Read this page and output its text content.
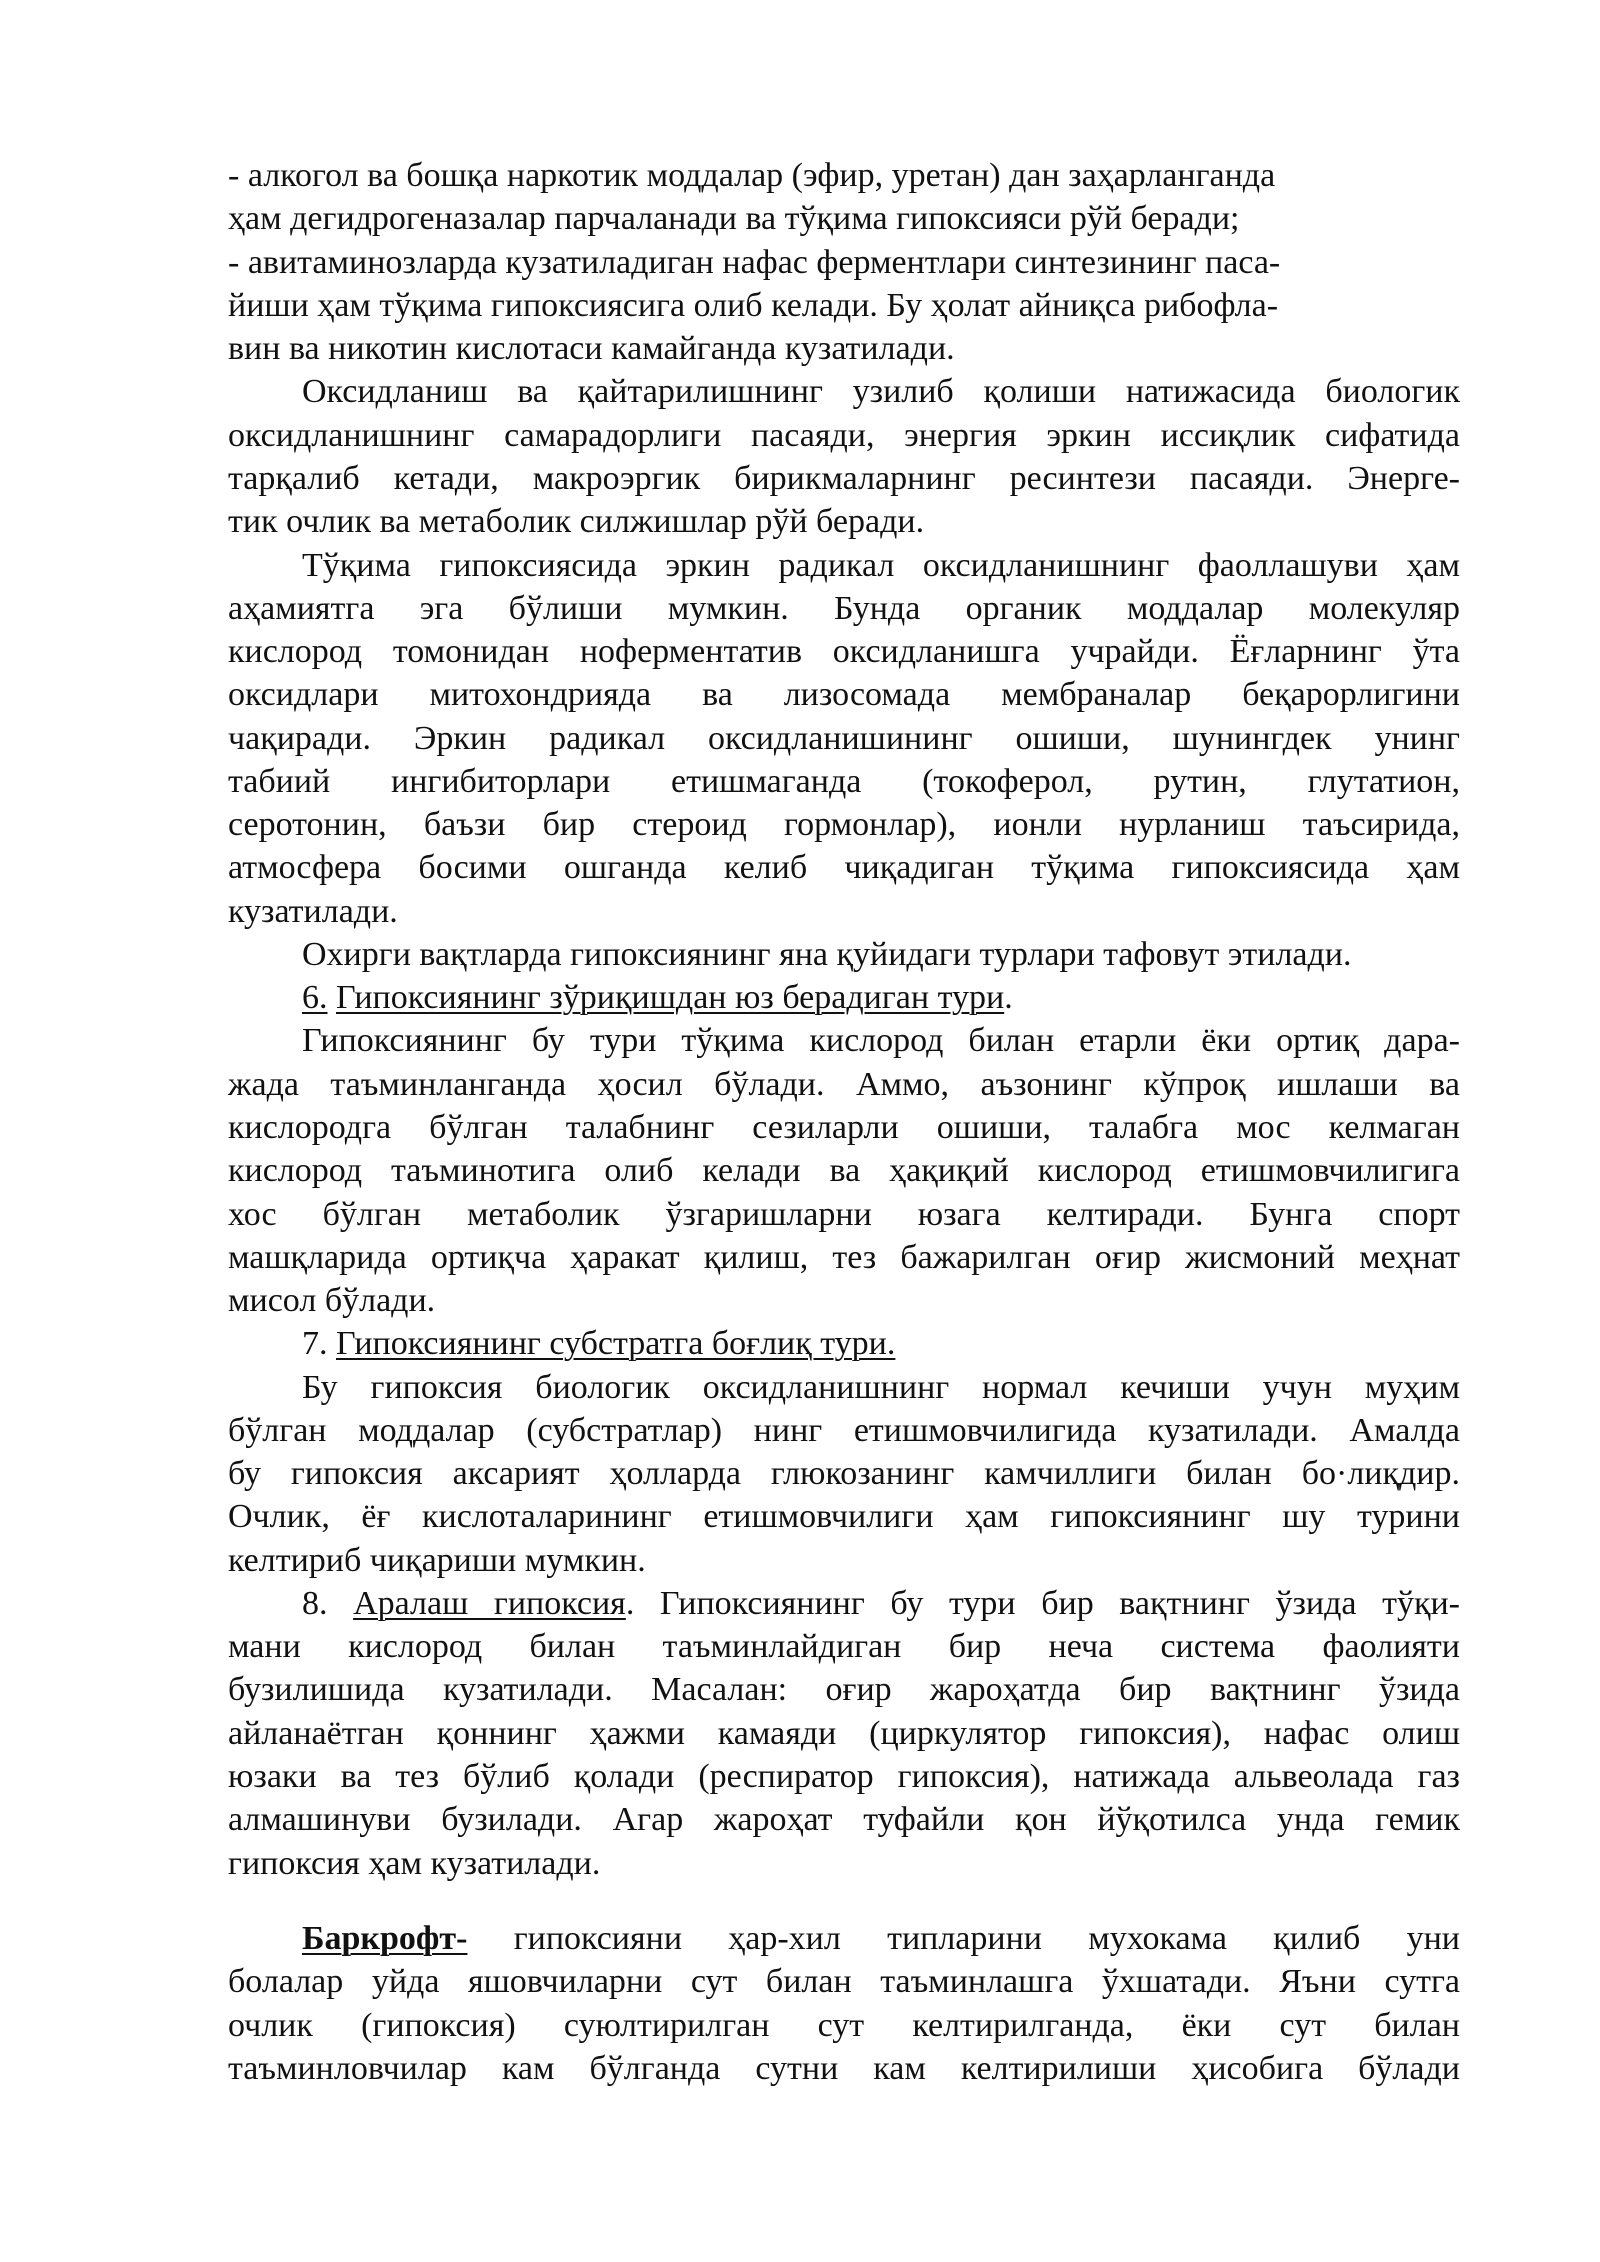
- алкогол ва бошқа наркотик моддалар (эфир, уретан) дан заҳарланганда
ҳам дегидрогеназалар парчаланади ва тўқима гипоксияси рўй беради;
- авитаминозларда кузатиладиган нафас ферментлари синтезининг паса-
йиши ҳам тўқима гипоксиясига олиб келади. Бу ҳолат айниқса рибофла-
вин ва никотин кислотаси камайганда кузатилади.
Оксидланиш ва қайтарилишнинг узилиб қолиши натижасида биологик
оксидланишнинг самарадорлиги пасаяди, энергия эркин иссиқлик сифатида
тарқалиб кетади, макроэргик бирикмаларнинг ресинтези пасаяди. Энерге-
тик очлик ва метаболик силжишлар рўй беради.
Тўқима гипоксиясида эркин радикал оксидланишнинг фаоллашуви ҳам
аҳамиятга эга бўлиши мумкин. Бунда органик моддалар молекуляр
кислород томонидан нoферментатив оксидланишга учрайди. Ёғларнинг ўта
оксидлари митохондрияда ва лизосомада мембраналар беқарорлигини
чақиради. Эркин радикал оксидланишининг ошиши, шунингдек унинг
табиий ингибиторлари етишмаганда (токоферол, рутин, глутатион,
серотонин, баъзи бир стероид гормонлар), ионли нурланиш таъсирида,
атмосфера босими ошганда келиб чиқадиган тўқима гипоксиясида ҳам
кузатилади.
Охирги вақтларда гипоксиянинг яна қуйидаги турлари тафовут этилади.
6. Гипоксиянинг зўриқишдан юз берадиган тури.
Гипоксиянинг бу тури тўқима кислород билан етарли ёки ортиқ дара-
жада таъминланганда ҳосил бўлади. Аммо, аъзонинг кўпроқ ишлаши ва
кислородга бўлган талабнинг сезиларли ошиши, талабга мос келмаган
кислород таъминотига олиб келади ва ҳақиқий кислород етишмовчилигига
хос бўлган метаболик ўзгаришларни юзага келтиради. Бунга спорт
машқларида ортиқча ҳаракат қилиш, тез бажарилган оғир жисмоний меҳнат
мисол бўлади.
7. Гипоксиянинг субстратга боғлиқ тури.
Бу гипоксия биологик оксидланишнинг нормал кечиши учун муҳим
бўлган моддалар (субстратлар) нинг етишмовчилигида кузатилади. Амалда
бу гипоксия аксарият ҳолларда глюкозанинг камчиллиги билан бо·лиқдир.
Очлик, ёғ кислоталарининг етишмовчилиги ҳам гипоксиянинг шу турини
келтириб чиқариши мумкин.
8. Аралаш гипоксия. Гипоксиянинг бу тури бир вақтнинг ўзида тўқи-
мани кислород билан таъминлайдиган бир неча система фаолияти
бузилишида кузатилади. Масалан: оғир жароҳатда бир вақтнинг ўзида
айланаётган қоннинг ҳажми камаяди (циркулятор гипоксия), нафас олиш
юзаки ва тез бўлиб қолади (респиратор гипоксия), натижада альвеолада газ
алмашинуви бузилади. Агар жароҳат туфайли қон йўқотилса унда гемик
гипоксия ҳам кузатилади.
Баркрофт- гипоксияни ҳар-хил типларини мухокама қилиб уни
болалар уйда яшовчиларни сут билан таъминлашга ўхшатади. Яъни сутга
очлик (гипоксия) суюлтирилган сут келтирилганда, ёки сут билан
таъминловчилар кам бўлганда сутни кам келтирилиши ҳисобига бўлади
